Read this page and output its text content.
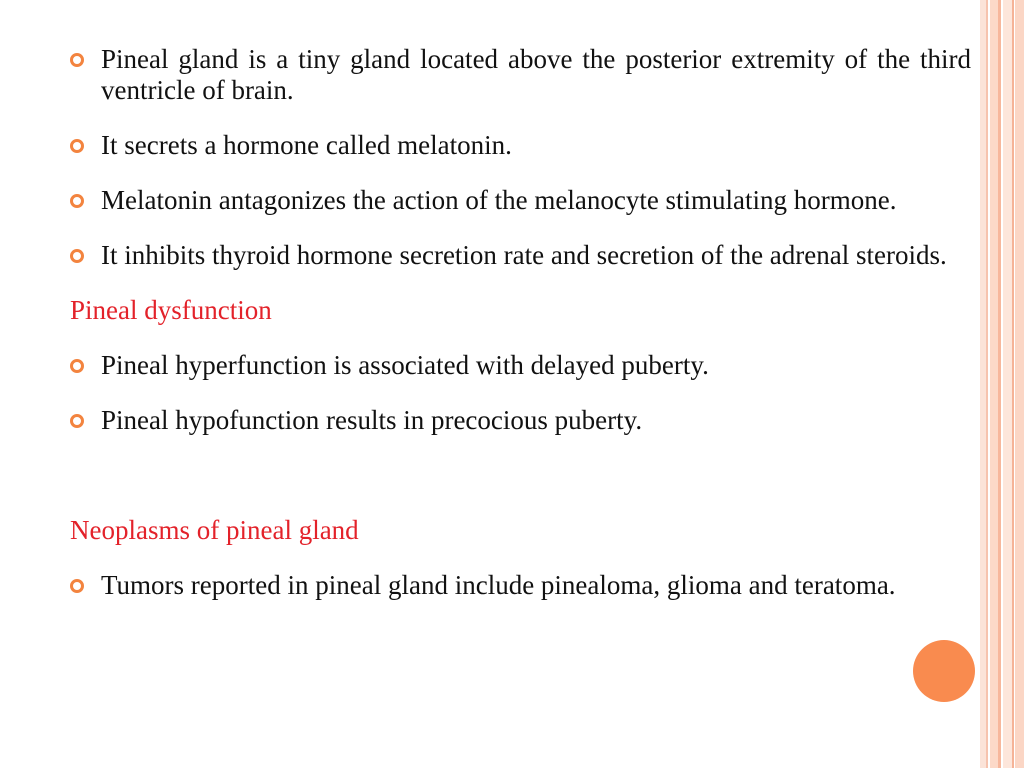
Pineal gland is a tiny gland located above the posterior extremity of the third ventricle of brain.
It secrets a hormone called melatonin.
Melatonin antagonizes the action of the melanocyte stimulating hormone.
It inhibits thyroid hormone secretion rate and secretion of the adrenal steroids.
Pineal dysfunction
Pineal hyperfunction is associated with delayed puberty.
Pineal hypofunction results in precocious puberty.
Neoplasms of pineal gland
Tumors reported in pineal gland include pinealoma, glioma and teratoma.
